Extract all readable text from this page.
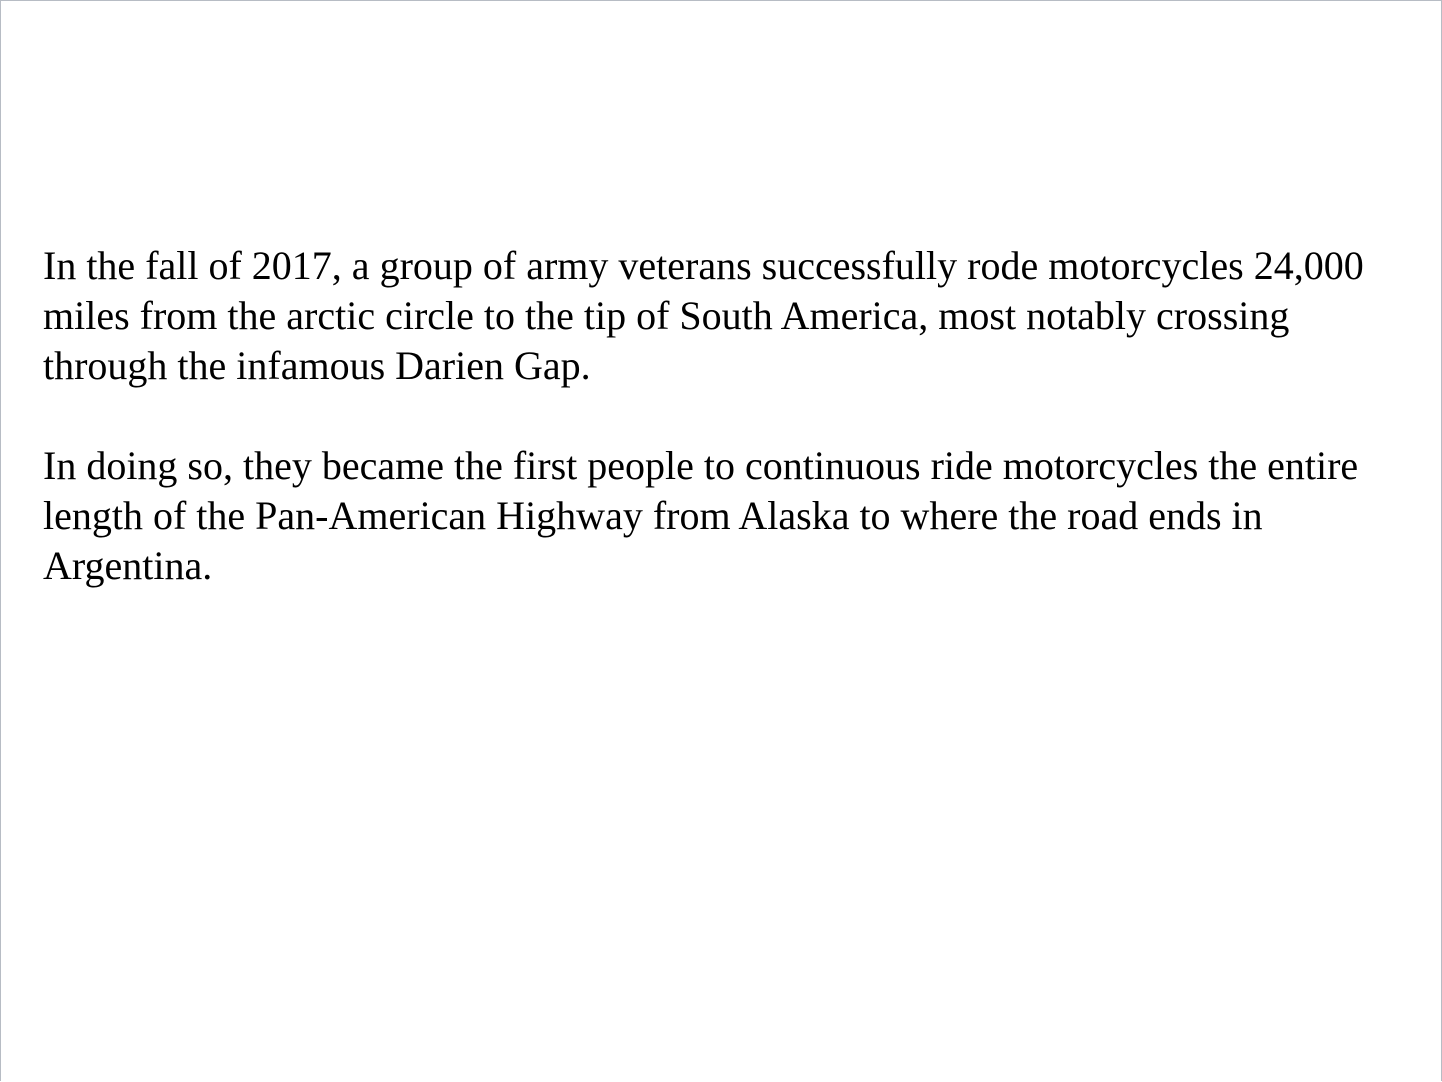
In the fall of 2017, a group of army veterans successfully rode motorcycles 24,000 miles from the arctic circle to the tip of South America, most notably crossing through the infamous Darien Gap.

In doing so, they became the first people to continuous ride motorcycles the entire length of the Pan-American Highway from Alaska to where the road ends in Argentina.
